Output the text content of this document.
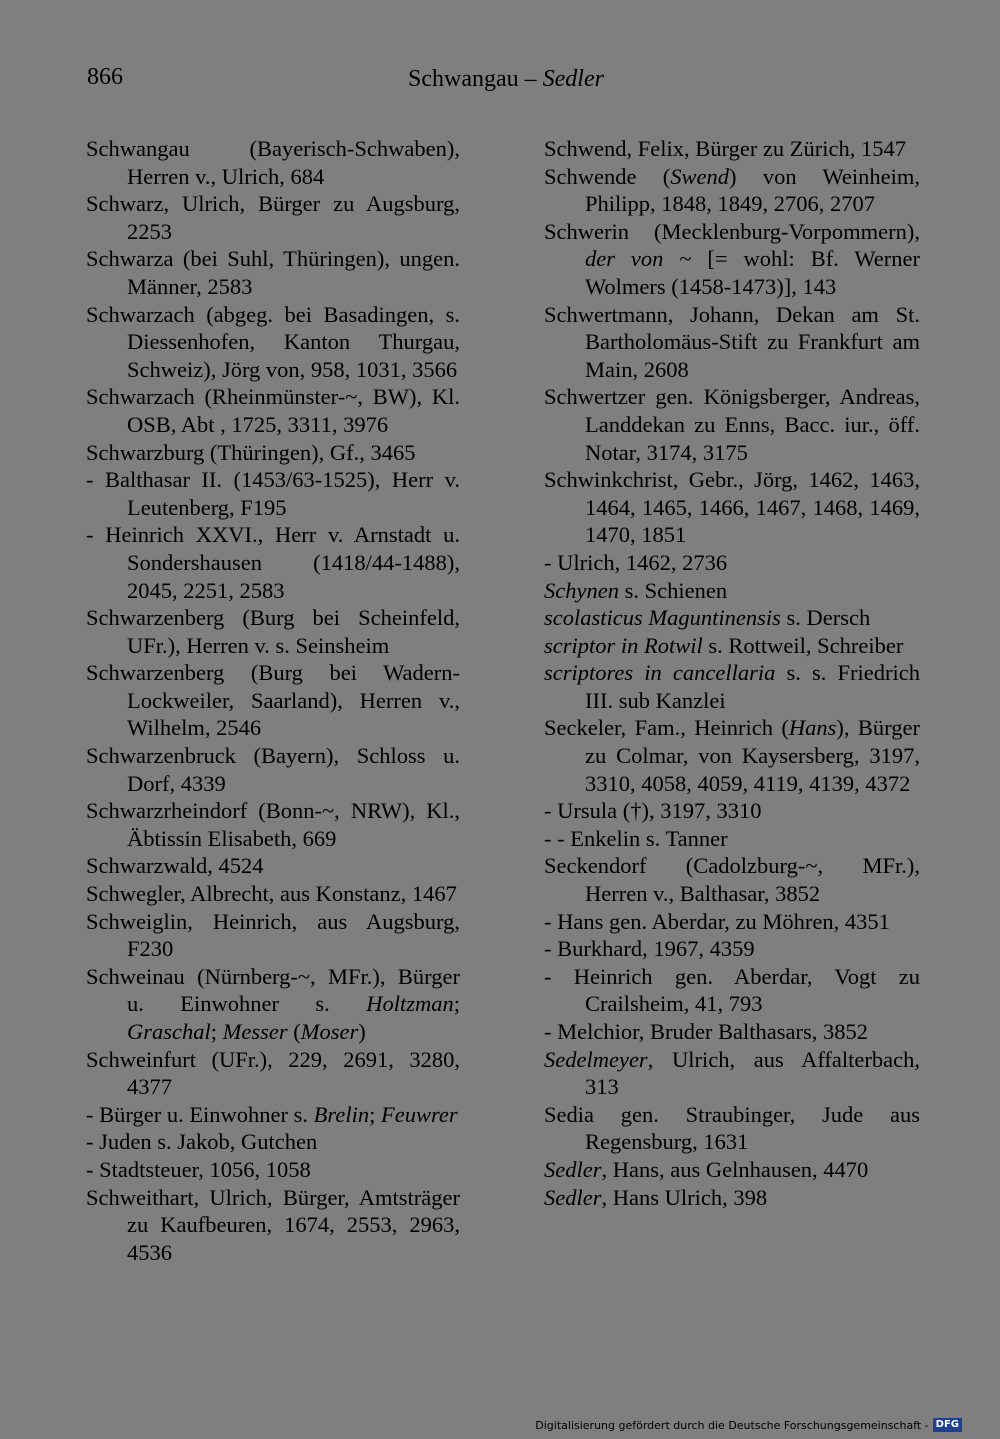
866	Schwangau – Sedler

Schwangau (Bayerisch-Schwaben), Herren v., Ulrich, 684

Schwarz, Ulrich, Bürger zu Augsburg, 2253

Schwarza (bei Suhl, Thüringen), ungen. Männer, 2583

Schwarzach (abgeg. bei Basadingen, s. Diessenhofen, Kanton Thurgau, Schweiz), Jörg von, 958, 1031, 3566

Schwarzach (Rheinmünster-~, BW), Kl. OSB, Abt , 1725, 3311, 3976

Schwarzburg (Thüringen), Gf., 3465

- Balthasar II. (1453/63-1525), Herr v. Leutenberg, F195

- Heinrich XXVI., Herr v. Arnstadt u. Sondershausen (1418/44-1488), 2045, 2251, 2583

Schwarzenberg (Burg bei Scheinfeld, UFr.), Herren v. s. Seinsheim

Schwarzenberg (Burg bei Wadern-Lockweiler, Saarland), Herren v., Wilhelm, 2546

Schwarzenbruck (Bayern), Schloss u. Dorf, 4339

Schwarzrheindorf (Bonn-~, NRW), Kl., Äbtissin Elisabeth, 669

Schwarzwald, 4524

Schwegler, Albrecht, aus Konstanz, 1467

Schweiglin, Heinrich, aus Augsburg, F230

Schweinau (Nürnberg-~, MFr.), Bürger u. Einwohner s. Holtzman; Graschal; Messer (Moser)

Schweinfurt (UFr.), 229, 2691, 3280, 4377

- Bürger u. Einwohner s. Brelin; Feuwrer

- Juden s. Jakob, Gutchen

- Stadtsteuer, 1056, 1058

Schweithart, Ulrich, Bürger, Amtsträger zu Kaufbeuren, 1674, 2553, 2963, 4536

Schwend, Felix, Bürger zu Zürich, 1547

Schwende (Swend) von Weinheim, Philipp, 1848, 1849, 2706, 2707

Schwerin (Mecklenburg-Vorpommern), der von ~ [= wohl: Bf. Werner Wolmers (1458-1473)], 143

Schwertmann, Johann, Dekan am St. Bartholomäus-Stift zu Frankfurt am Main, 2608

Schwertzer gen. Königsberger, Andreas, Landdekan zu Enns, Bacc. iur., öff. Notar, 3174, 3175

Schwinkchrist, Gebr., Jörg, 1462, 1463, 1464, 1465, 1466, 1467, 1468, 1469, 1470, 1851

- Ulrich, 1462, 2736

Schynen s. Schienen

scolasticus Maguntinensis s. Dersch

scriptor in Rotwil s. Rottweil, Schreiber

scriptores in cancellaria s. s. Friedrich III. sub Kanzlei

Seckeler, Fam., Heinrich (Hans), Bürger zu Colmar, von Kaysersberg, 3197, 3310, 4058, 4059, 4119, 4139, 4372

- Ursula (†), 3197, 3310

- - Enkelin s. Tanner

Seckendorf (Cadolzburg-~, MFr.), Herren v., Balthasar, 3852

- Hans gen. Aberdar, zu Möhren, 4351

- Burkhard, 1967, 4359

- Heinrich gen. Aberdar, Vogt zu Crailsheim, 41, 793

- Melchior, Bruder Balthasars, 3852

Sedelmeyer, Ulrich, aus Affalterbach, 313

Sedia gen. Straubinger, Jude aus Regensburg, 1631

Sedler, Hans, aus Gelnhausen, 4470

Sedler, Hans Ulrich, 398

Digitalisierung gefördert durch die Deutsche Forschungsgemeinschaft - DFG
